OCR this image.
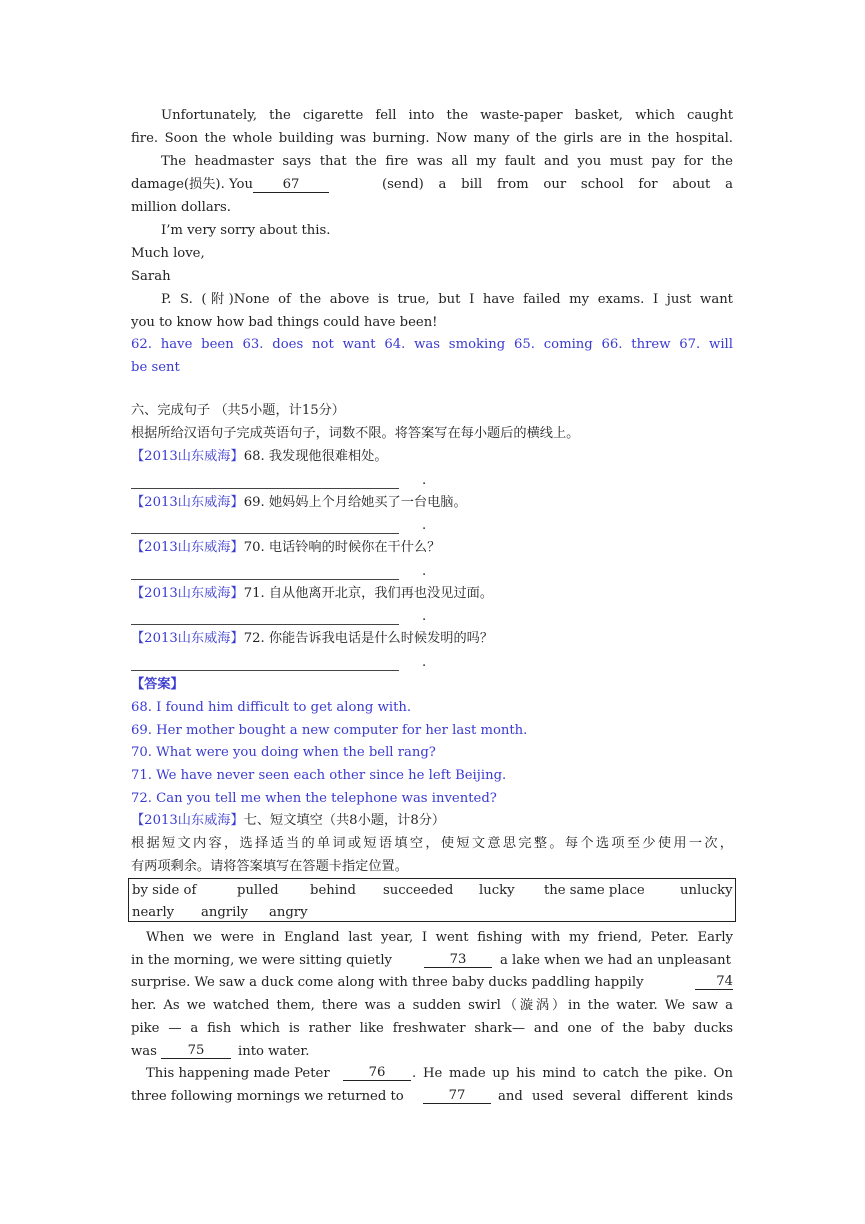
Unfortunately, the cigarette fell into the waste-paper basket, which caught
fire. Soon the whole building was burning. Now many of the girls are in the hospital.
The headmaster says that the fire was all my fault and you must pay for the
damage(损失). You 67	(send) a bill from our school for about a
million dollars.
I’m very sorry about this.
Much love,
Sarah
P. S. (附)None of the above is true, but I have failed my exams. I just want
you to know how bad things could have been!
62. have been 63. does not want 64. was smoking 65. coming 66. threw 67. will
be sent
六、完成句子 （共5小题，计15分）
根据所给汉语句子完成英语句子，词数不限。将答案写在每小题后的横线上。
【2013山东威海】68. 我发现他很难相处。
.
【2013山东威海】69. 她妈妈上个月给她买了一台电脑。
.
【2013山东威海】70. 电话铃响的时候你在干什么？
.
【2013山东威海】71. 自从他离开北京，我们再也没见过面。
.
【2013山东威海】72. 你能告诉我电话是什么时候发明的吗？
.
【答案】
68. I found him difficult to get along with.
69. Her mother bought a new computer for her last month.
70. What were you doing when the bell rang?
71. We have never seen each other since he left Beijing.
72. Can you tell me when the telephone was invented?
【2013山东威海】七、短文填空（共8小题，计8分）
根据短文内容，选择适当的单词或短语填空，使短文意思完整。每个选项至少使用一次，
有两项剩余。请将答案填写在答题卡指定位置。
by side of	pulled behind succeeded lucky the same place	unlucky
nearly angrily angry
When we were in England last year, I went fishing with my friend, Peter. Early
in the morning, we were sitting quietly	73	a lake when we had an unpleasant
surprise. We saw a duck come along with three baby ducks paddling happily	74
her. As we watched them, there was a sudden swirl（漩涡）in the water. We saw a
pike — a fish which is rather like freshwater shark— and one of the baby ducks
was	75	into water.
This happening made Peter	76	. He made up his mind to catch the pike. On
three following mornings we returned to	77	and used several different kinds
